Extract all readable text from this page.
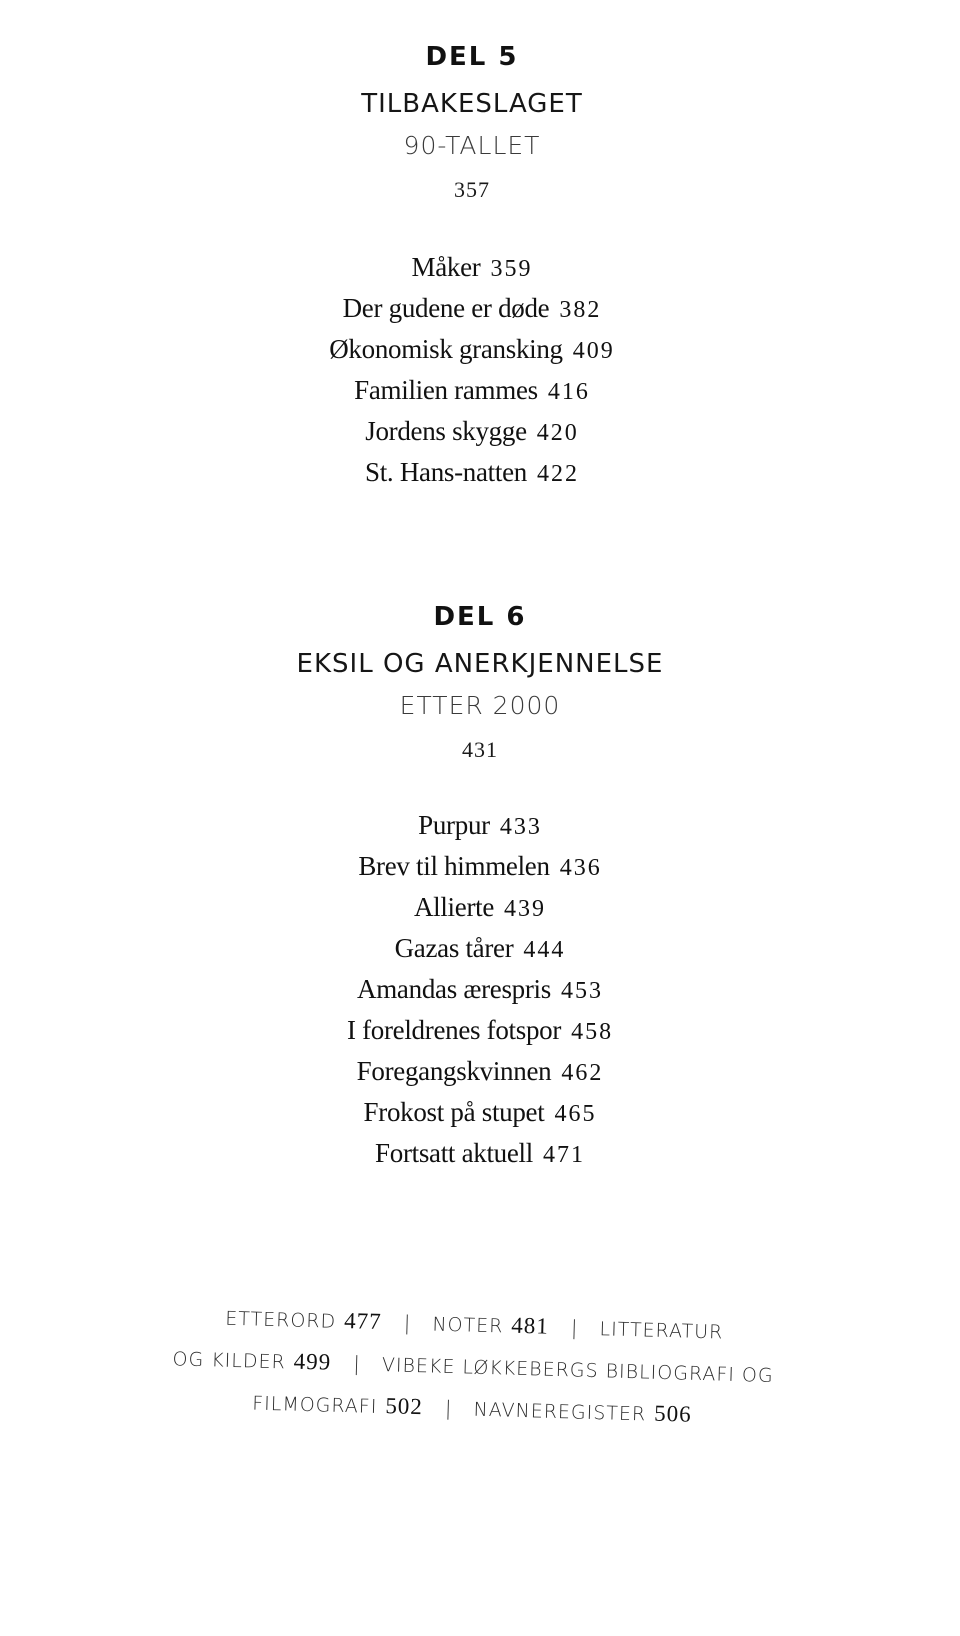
DEL 5
TILBAKESLAGET
90-TALLET
357
Måker 359
Der gudene er døde 382
Økonomisk gransking 409
Familien rammes 416
Jordens skygge 420
St. Hans-natten 422
DEL 6
EKSIL OG ANERKJENNELSE
ETTER 2000
431
Purpur 433
Brev til himmelen 436
Allierte 439
Gazas tårer 444
Amandas ærespris 453
I foreldrenes fotspor 458
Foregangskvinnen 462
Frokost på stupet 465
Fortsatt aktuell 471
ETTERORD 477 | NOTER 481 | LITTERATUR
OG KILDER 499 | VIBEKE LØKKEBERGS BIBLIOGRAFI OG
FILMOGRAFI 502 | NAVNEREGISTER 506
